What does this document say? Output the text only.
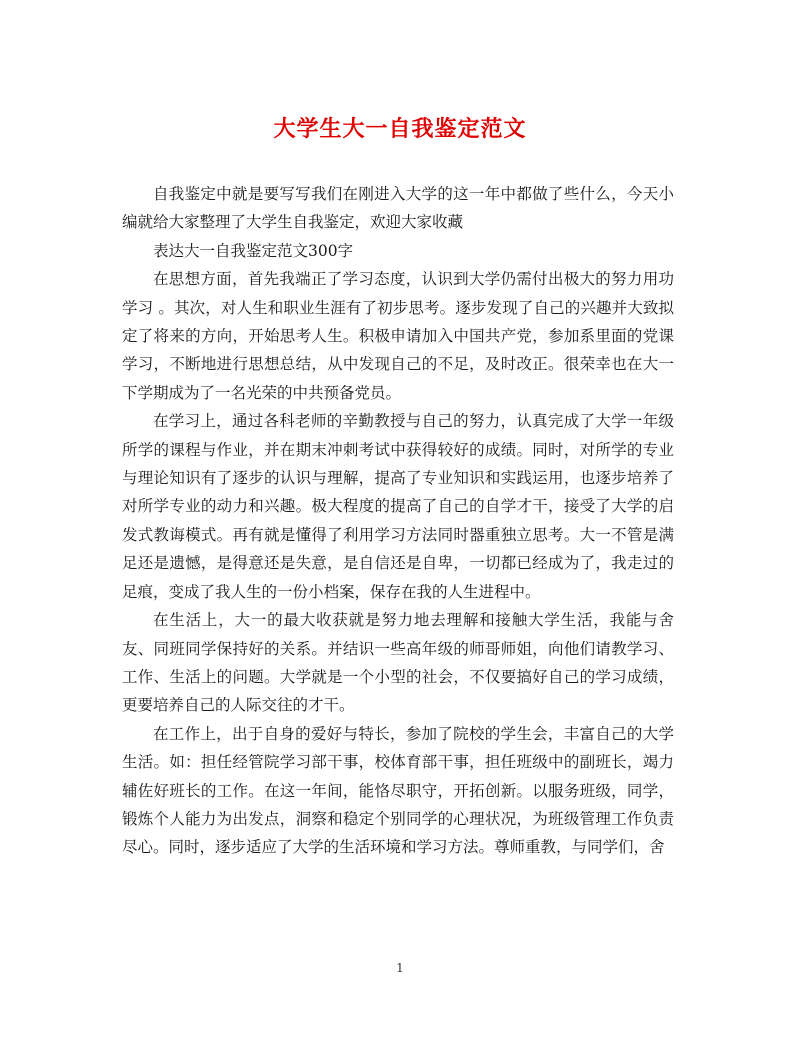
大学生大一自我鉴定范文

自我鉴定中就是要写写我们在刚进入大学的这一年中都做了些什么，今天小编就给大家整理了大学生自我鉴定，欢迎大家收藏

表达大一自我鉴定范文300字

在思想方面，首先我端正了学习态度，认识到大学仍需付出极大的努力用功学习 。其次，对人生和职业生涯有了初步思考。逐步发现了自己的兴趣并大致拟定了将来的方向，开始思考人生。积极申请加入中国共产党，参加系里面的党课学习，不断地进行思想总结，从中发现自己的不足，及时改正。很荣幸也在大一下学期成为了一名光荣的中共预备党员。

在学习上，通过各科老师的辛勤教授与自己的努力，认真完成了大学一年级所学的课程与作业，并在期末冲刺考试中获得较好的成绩。同时，对所学的专业与理论知识有了逐步的认识与理解，提高了专业知识和实践运用，也逐步培养了对所学专业的动力和兴趣。极大程度的提高了自己的自学才干，接受了大学的启发式教诲模式。再有就是懂得了利用学习方法同时器重独立思考。大一不管是满足还是遗憾，是得意还是失意，是自信还是自卑，一切都已经成为了，我走过的足痕，变成了我人生的一份小档案，保存在我的人生进程中。

在生活上，大一的最大收获就是努力地去理解和接触大学生活，我能与舍友、同班同学保持好的关系。并结识一些高年级的师哥师姐，向他们请教学习、工作、生活上的问题。大学就是一个小型的社会，不仅要搞好自己的学习成绩，更要培养自己的人际交往的才干。

在工作上，出于自身的爱好与特长，参加了院校的学生会，丰富自己的大学生活。如：担任经管院学习部干事，校体育部干事，担任班级中的副班长，竭力辅佐好班长的工作。在这一年间，能恪尽职守，开拓创新。以服务班级，同学，锻炼个人能力为出发点，洞察和稳定个别同学的心理状况，为班级管理工作负责尽心。同时，逐步适应了大学的生活环境和学习方法。尊师重教，与同学们，舍

1
